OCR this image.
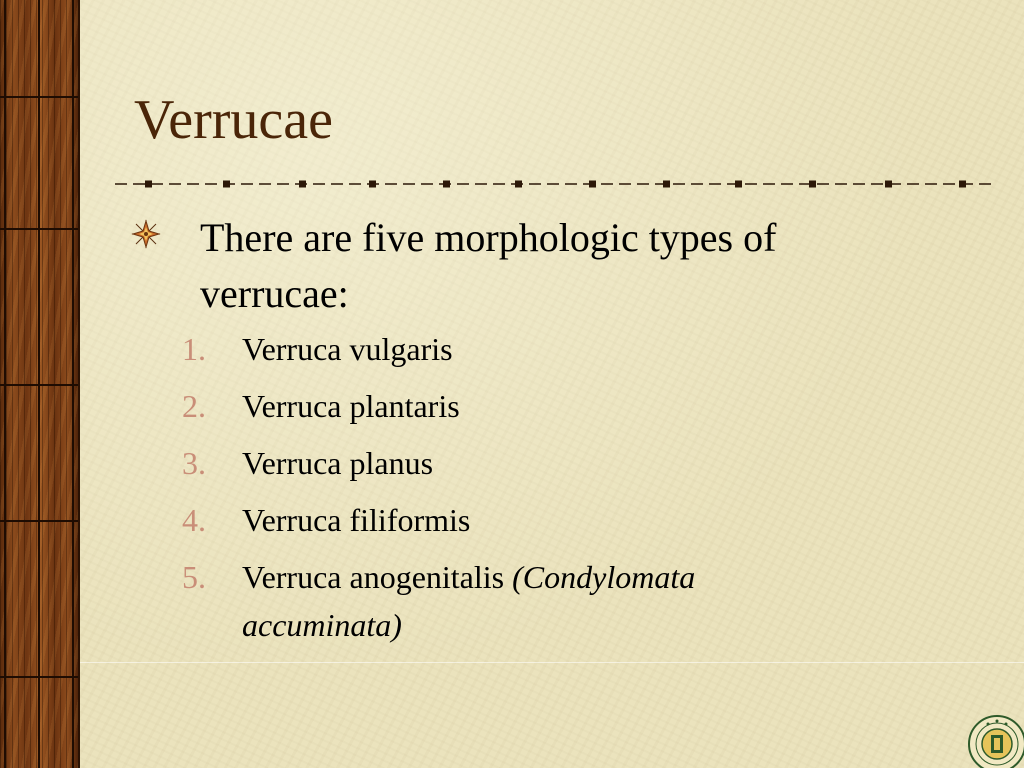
Verrucae
There are five morphologic types of verrucae:
1. Verruca vulgaris
2. Verruca plantaris
3. Verruca planus
4. Verruca filiformis
5. Verruca anogenitalis (Condylomata accuminata)
